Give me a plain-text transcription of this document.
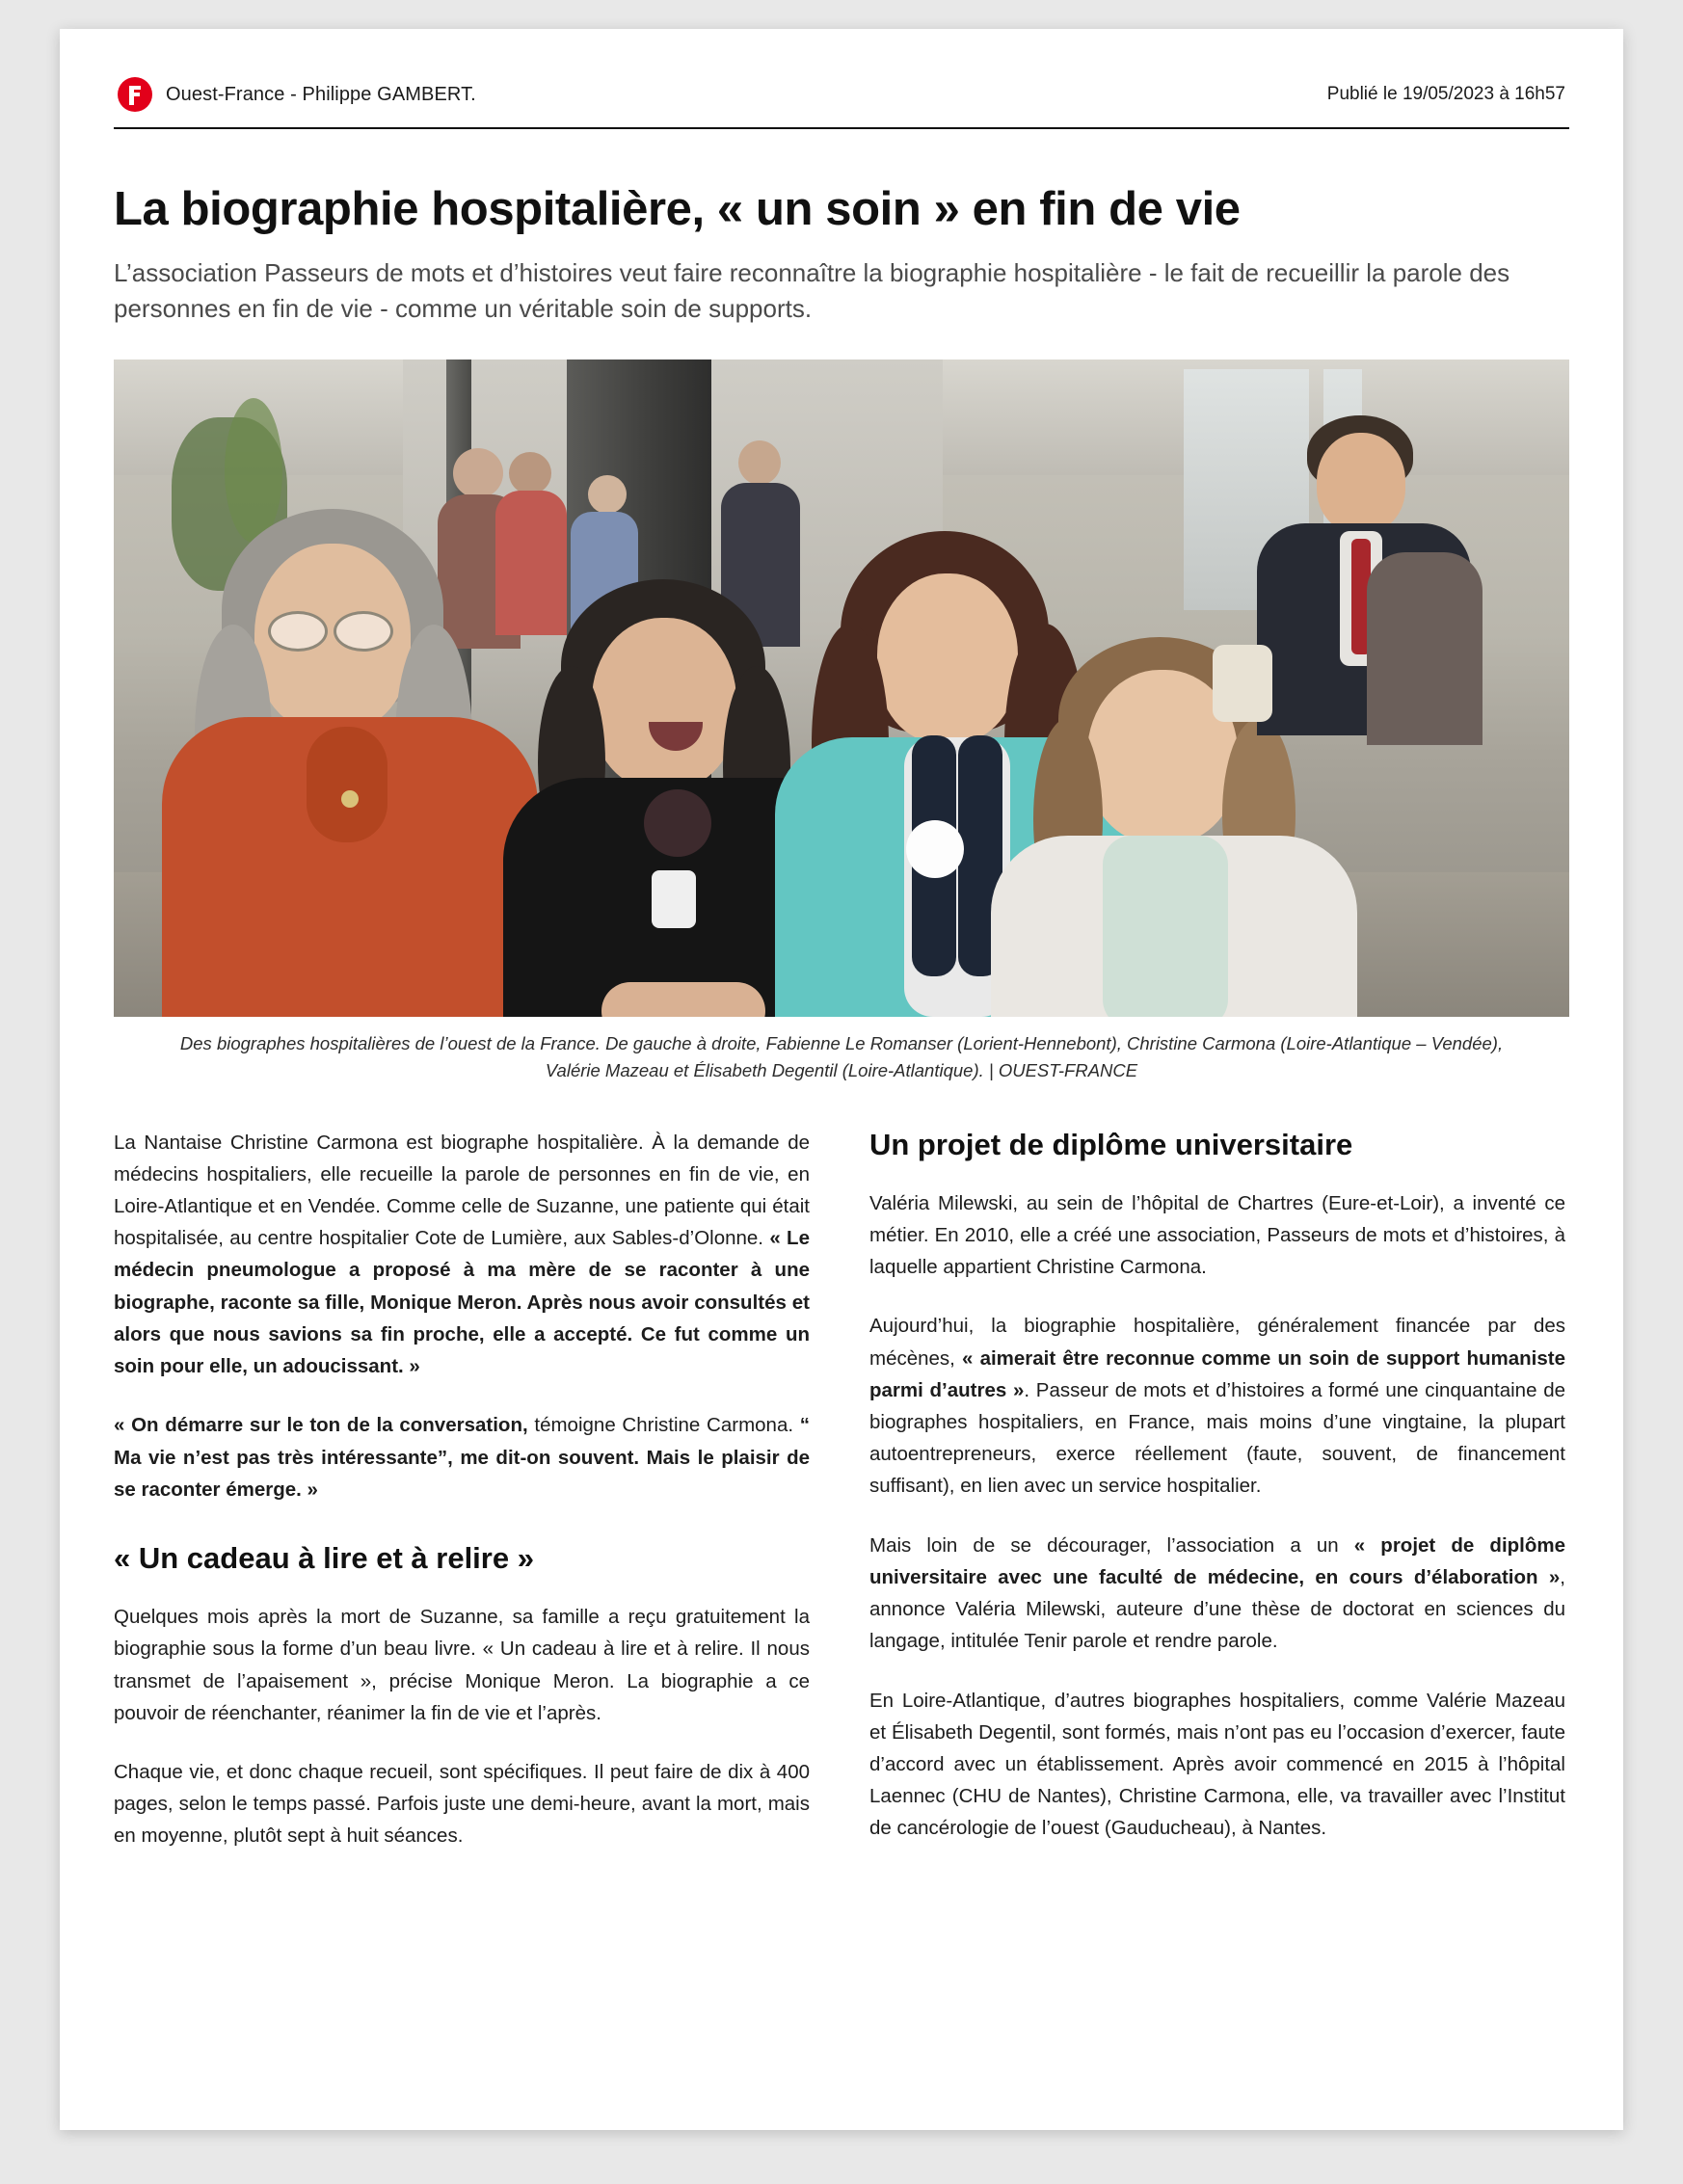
Ouest-France - Philippe GAMBERT.	Publié le 19/05/2023 à 16h57
La biographie hospitalière, « un soin » en fin de vie

L’association Passeurs de mots et d’histoires veut faire reconnaître la biographie hospitalière - le fait de recueillir la parole des personnes en fin de vie - comme un véritable soin de supports.

Des biographes hospitalières de l’ouest de la France. De gauche à droite, Fabienne Le Romanser (Lorient-Hennebont), Christine Carmona (Loire-Atlantique – Vendée), Valérie Mazeau et Élisabeth Degentil (Loire-Atlantique). | OUEST-FRANCE

La Nantaise Christine Carmona est biographe hospitalière. À la demande de médecins hospitaliers, elle recueille la parole de personnes en fin de vie, en Loire-Atlantique et en Vendée. Comme celle de Suzanne, une patiente qui était hospitalisée, au centre hospitalier Cote de Lumière, aux Sables-d’Olonne. « Le médecin pneumologue a proposé à ma mère de se raconter à une biographe, raconte sa fille, Monique Meron. Après nous avoir consultés et alors que nous savions sa fin proche, elle a accepté. Ce fut comme un soin pour elle, un adoucissant. »

« On démarre sur le ton de la conversation, témoigne Christine Carmona. “ Ma vie n’est pas très intéressante”, me dit-on souvent. Mais le plaisir de se raconter émerge. »

« Un cadeau à lire et à relire »

Quelques mois après la mort de Suzanne, sa famille a reçu gratuitement la biographie sous la forme d’un beau livre. « Un cadeau à lire et à relire. Il nous transmet de l’apaisement », précise Monique Meron. La biographie a ce pouvoir de réenchanter, réanimer la fin de vie et l’après.

Chaque vie, et donc chaque recueil, sont spécifiques. Il peut faire de dix à 400 pages, selon le temps passé. Parfois juste une demi-heure, avant la mort, mais en moyenne, plutôt sept à huit séances.

Un projet de diplôme universitaire

Valéria Milewski, au sein de l’hôpital de Chartres (Eure-et-Loir), a inventé ce métier. En 2010, elle a créé une association, Passeurs de mots et d’histoires, à laquelle appartient Christine Carmona.

Aujourd’hui, la biographie hospitalière, généralement financée par des mécènes, « aimerait être reconnue comme un soin de support humaniste parmi d’autres ». Passeur de mots et d’histoires a formé une cinquantaine de biographes hospitaliers, en France, mais moins d’une vingtaine, la plupart autoentrepreneurs, exerce réellement (faute, souvent, de financement suffisant), en lien avec un service hospitalier.

Mais loin de se décourager, l’association a un « projet de diplôme universitaire avec une faculté de médecine, en cours d’élaboration », annonce Valéria Milewski, auteure d’une thèse de doctorat en sciences du langage, intitulée Tenir parole et rendre parole.

En Loire-Atlantique, d’autres biographes hospitaliers, comme Valérie Mazeau et Élisabeth Degentil, sont formés, mais n’ont pas eu l’occasion d’exercer, faute d’accord avec un établissement. Après avoir commencé en 2015 à l’hôpital Laennec (CHU de Nantes), Christine Carmona, elle, va travailler avec l’Institut de cancérologie de l’ouest (Gauducheau), à Nantes.
